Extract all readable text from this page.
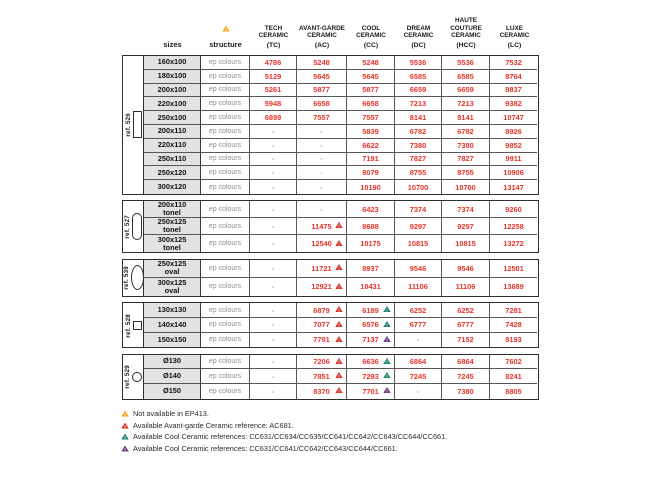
sizes
!
structure
TECH
CERAMIC
(TC)
AVANT-GARDE
CERAMIC
(AC)
COOL
CERAMIC
(CC)
DREAM
CERAMIC
(DC)
HAUTE
COUTURE
CERAMIC
(HCC)
LUXE
CERAMIC
(LC)
ref. 526
160x100	ep colours	4786	5248	5248	5536	5536	7532
180x100	ep colours	5129	5645	5645	6585	6585	8764
200x100	ep colours	5261	5877	5877	6659	6659	8837
220x100	ep colours	5948	6658	6658	7213	7213	9382
250x100	ep colours	6899	7557	7557	8141	8141	10747
200x110	ep colours	-	-	5839	6782	6782	8926
220x110	ep colours	-	-	6622	7380	7380	9852
250x110	ep colours	-	-	7191	7827	7827	9911
250x120	ep colours	-	-	8079	8755	8755	10906
300x120	ep colours	-	-	10190	10700	10700	13147
ref. 527
200x110
tonel	ep colours	-	-	6423	7374	7374	9260
250x125
tonel	ep colours	-	11475 !	8688	9297	9297	12258
300x125
tonel	ep colours	-	12540 !	10175	10815	10815	13272
ref. 539
250x125
oval	ep colours	-	11721 !	8937	9546	9546	12501
300x125
oval	ep colours	-	12921 !	10431	11106	11106	13689
ref. 528
130x130	ep colours	-	6879 !	6189 !	6252	6252	7281
140x140	ep colours	-	7077 !	6576 !	6777	6777	7428
150x150	ep colours	-	7791 !	7137 !	-	7152	8193
ref. 529
Ø130	ep colours	-	7206 !	6636 !	6864	6864	7602
Ø140	ep colours	-	7851 !	7293 !	7245	7245	8241
Ø150	ep colours	-	8370 !	7701 !	-	7380	8805
! Not available in EP413.
! Available Avant-garde Ceramic reference: AC681.
! Available Cool Ceramic references: CC631/CC634/CC635/CC641/CC642/CC643/CC644/CC661.
! Available Cool Ceramic references: CC631/CC641/CC642/CC643/CC644/CC661.
